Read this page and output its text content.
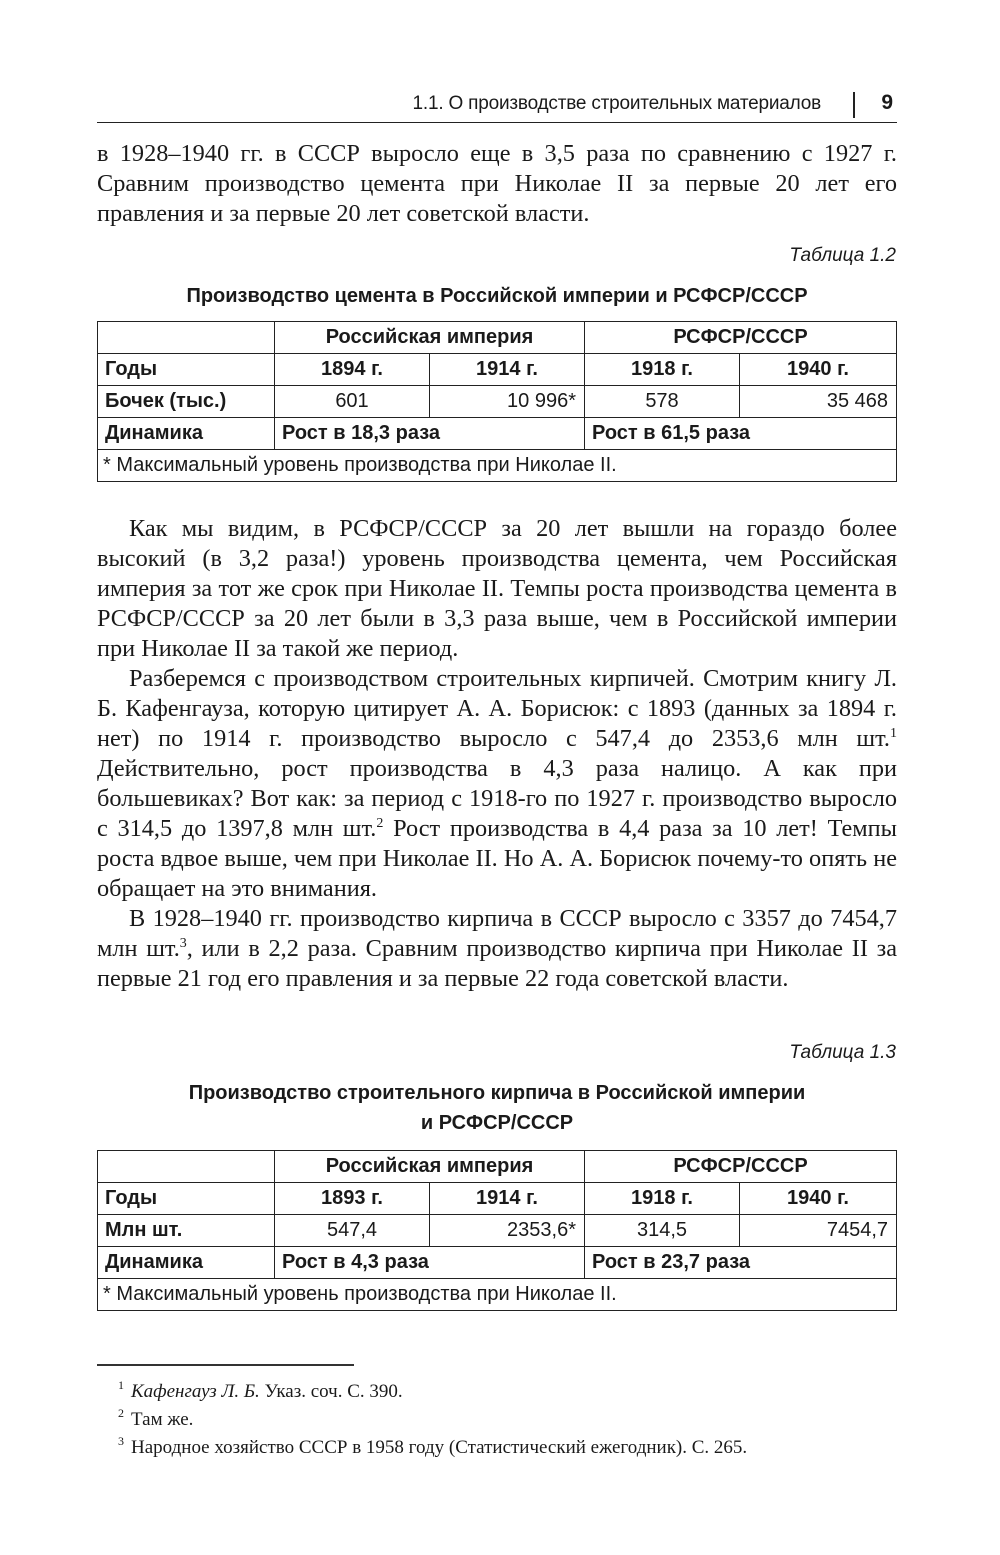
1.1. О производстве строительных материалов	9

в 1928–1940 гг. в СССР выросло еще в 3,5 раза по сравнению с 1927 г. Сравним производство цемента при Николае II за первые 20 лет его правления и за первые 20 лет советской власти.

Таблица 1.2
Производство цемента в Российской империи и РСФСР/СССР
	Российская империя		РСФСР/СССР	
Годы	1894 г.	1914 г.	1918 г.	1940 г.
Бочек (тыс.)	601	10 996*	578	35 468
Динамика	Рост в 18,3 раза		Рост в 61,5 раза	
* Максимальный уровень производства при Николае II.				

Как мы видим, в РСФСР/СССР за 20 лет вышли на гораздо более высокий (в 3,2 раза!) уровень производства цемента, чем Российская империя за тот же срок при Николае II. Темпы роста производства цемента в РСФСР/СССР за 20 лет были в 3,3 раза выше, чем в Российской империи при Николае II за такой же период.

Разберемся с производством строительных кирпичей. Смотрим книгу Л. Б. Кафенгауза, которую цитирует А. А. Борисюк: с 1893 (данных за 1894 г. нет) по 1914 г. производство выросло с 547,4 до 2353,6 млн шт.$^1$ Действительно, рост производства в 4,3 раза налицо. А как при большевиках? Вот как: за период с 1918-го по 1927 г. производство выросло с 314,5 до 1397,8 млн шт.$^2$ Рост производства в 4,4 раза за 10 лет! Темпы роста вдвое выше, чем при Николае II. Но А. А. Борисюк почему-то опять не обращает на это внимания.

В 1928–1940 гг. производство кирпича в СССР выросло с 3357 до 7454,7 млн шт.$^3$, или в 2,2 раза. Сравним производство кирпича при Николае II за первые 21 год его правления и за первые 22 года советской власти.

Таблица 1.3
Производство строительного кирпича в Российской империи
и РСФСР/СССР
	Российская империя		РСФСР/СССР	
Годы	1893 г.	1914 г.	1918 г.	1940 г.
Млн шт.	547,4	2353,6*	314,5	7454,7
Динамика	Рост в 4,3 раза		Рост в 23,7 раза	
* Максимальный уровень производства при Николае II.				

1 Кафенгауз Л. Б. Указ. соч. С. 390.

2 Там же.

3 Народное хозяйство СССР в 1958 году (Статистический ежегодник). С. 265.
